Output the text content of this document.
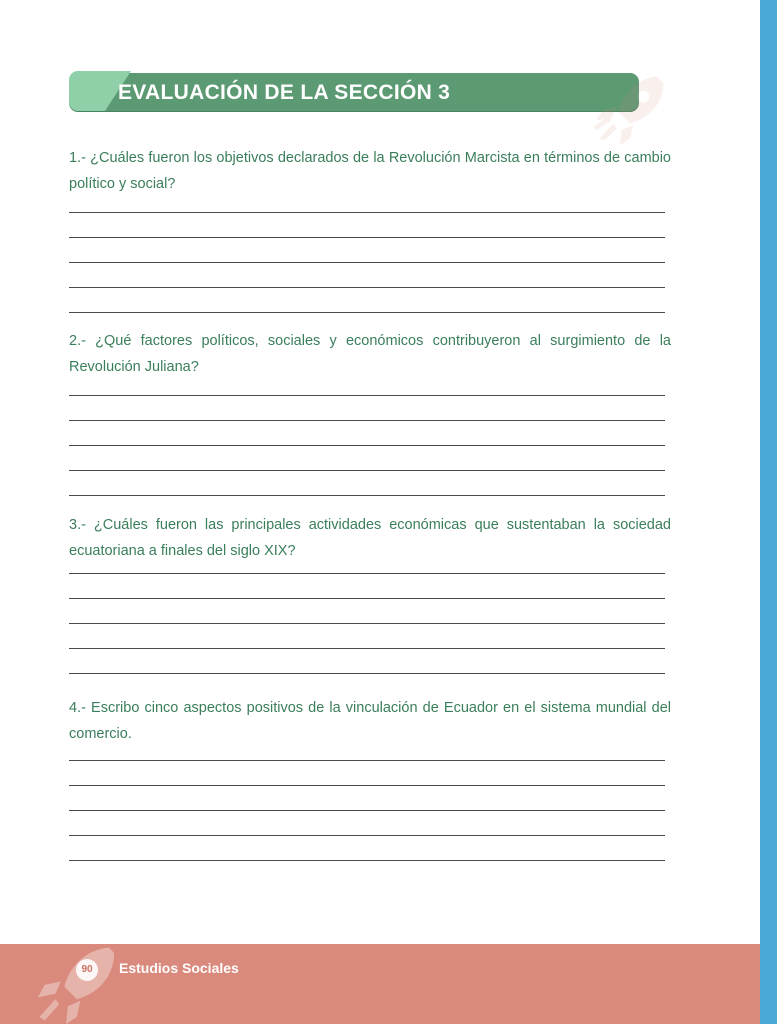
EVALUACIÓN DE LA SECCIÓN 3
1.- ¿Cuáles fueron los objetivos declarados de la Revolución Marcista en términos de cambio político y social?
2.- ¿Qué factores políticos, sociales y económicos contribuyeron al surgimiento de la Revolución Juliana?
3.- ¿Cuáles fueron las principales actividades económicas que sustentaban la sociedad ecuatoriana a finales del siglo XIX?
4.- Escribo cinco aspectos positivos de la vinculación de Ecuador en el sistema mundial del comercio.
90	Estudios Sociales
